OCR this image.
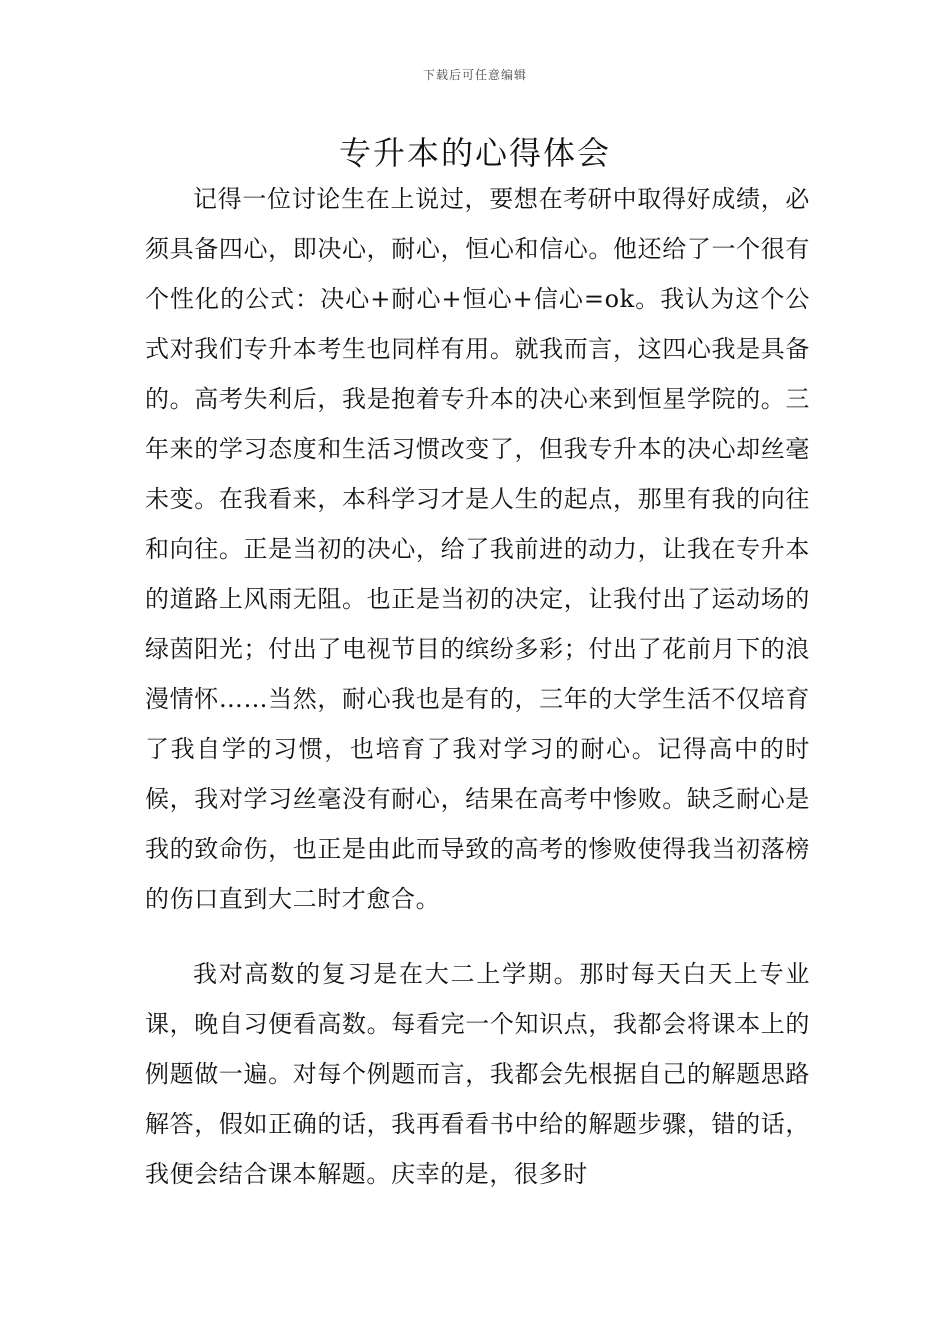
下载后可任意编辑
专升本的心得体会

记得一位讨论生在上说过，要想在考研中取得好成绩，必须具备四心，即决心，耐心，恒心和信心。他还给了一个很有个性化的公式：决心+耐心+恒心+信心=ok。我认为这个公式对我们专升本考生也同样有用。就我而言，这四心我是具备的。高考失利后，我是抱着专升本的决心来到恒星学院的。三年来的学习态度和生活习惯改变了，但我专升本的决心却丝毫未变。在我看来，本科学习才是人生的起点，那里有我的向往和向往。正是当初的决心，给了我前进的动力，让我在专升本的道路上风雨无阻。也正是当初的决定，让我付出了运动场的绿茵阳光；付出了电视节目的缤纷多彩；付出了花前月下的浪漫情怀……当然，耐心我也是有的，三年的大学生活不仅培育了我自学的习惯，也培育了我对学习的耐心。记得高中的时候，我对学习丝毫没有耐心，结果在高考中惨败。缺乏耐心是我的致命伤，也正是由此而导致的高考的惨败使得我当初落榜的伤口直到大二时才愈合。

我对高数的复习是在大二上学期。那时每天白天上专业课，晚自习便看高数。每看完一个知识点，我都会将课本上的例题做一遍。对每个例题而言，我都会先根据自己的解题思路解答，假如正确的话，我再看看书中给的解题步骤，错的话，我便会结合课本解题。庆幸的是，很多时
